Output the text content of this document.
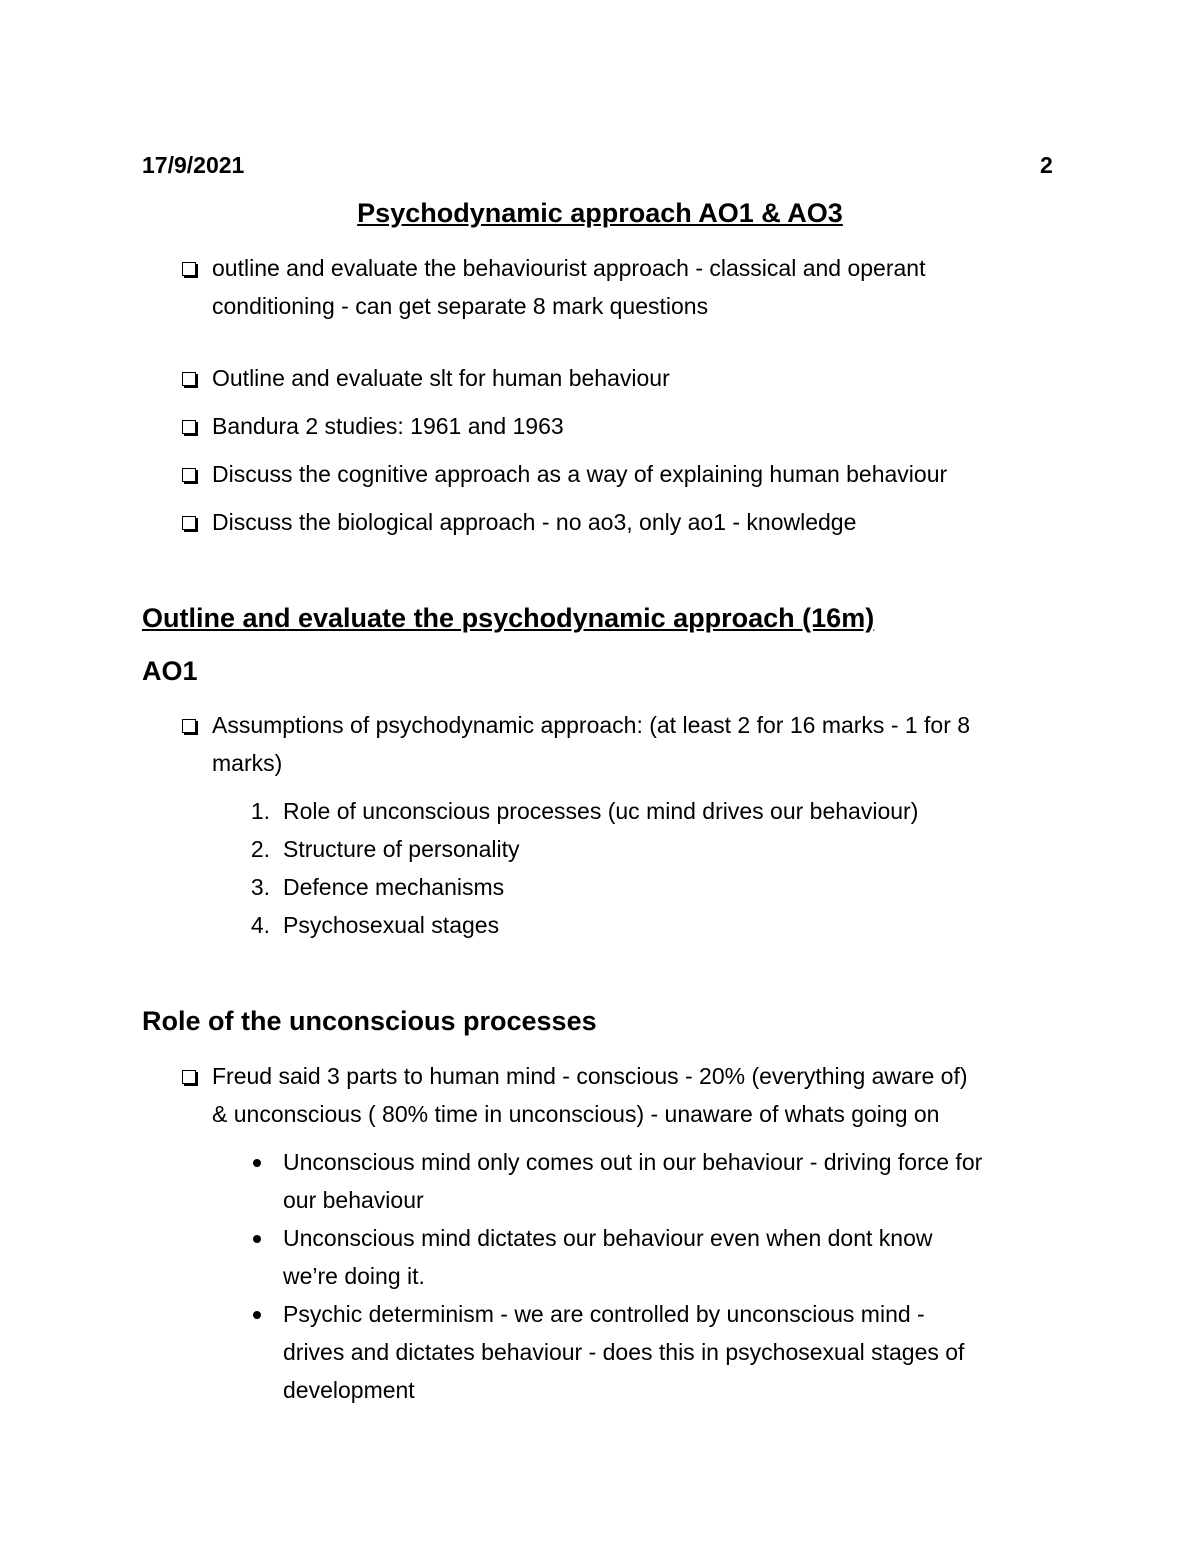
17/9/2021	2
Psychodynamic approach AO1 & AO3
outline and evaluate the behaviourist approach - classical and operant
conditioning - can get separate 8 mark questions
Outline and evaluate slt for human behaviour
Bandura 2 studies: 1961 and 1963
Discuss the cognitive approach as a way of explaining human behaviour
Discuss the biological approach - no ao3, only ao1 - knowledge
Outline and evaluate the psychodynamic approach (16m)
AO1
Assumptions of psychodynamic approach: (at least 2 for 16 marks - 1 for 8
marks)
1. Role of unconscious processes (uc mind drives our behaviour)
2. Structure of personality
3. Defence mechanisms
4. Psychosexual stages
Role of the unconscious processes
Freud said 3 parts to human mind - conscious - 20% (everything aware of)
& unconscious ( 80% time in unconscious) - unaware of whats going on
Unconscious mind only comes out in our behaviour - driving force for
our behaviour
Unconscious mind dictates our behaviour even when dont know
we’re doing it.
Psychic determinism - we are controlled by unconscious mind -
drives and dictates behaviour - does this in psychosexual stages of
development
